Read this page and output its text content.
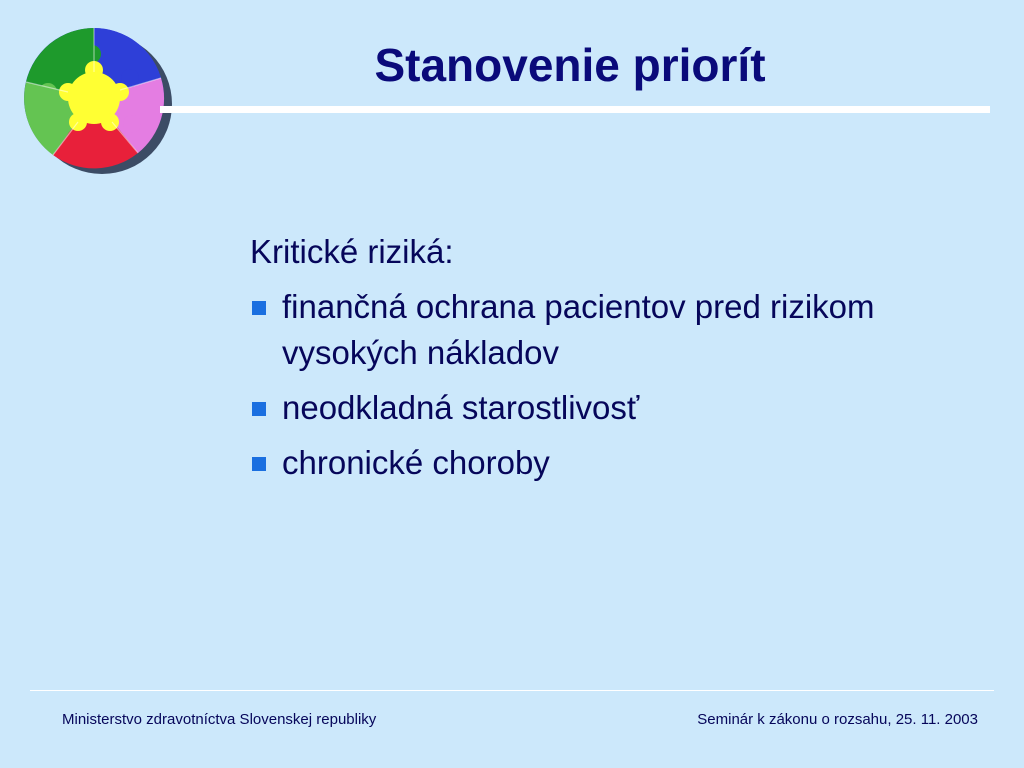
Stanovenie priorít
Kritické riziká:
finančná ochrana pacientov pred rizikom vysokých nákladov
neodkladná starostlivosť
chronické choroby
Ministerstvo zdravotníctva Slovenskej republiky	Seminár k zákonu o rozsahu, 25. 11. 2003
